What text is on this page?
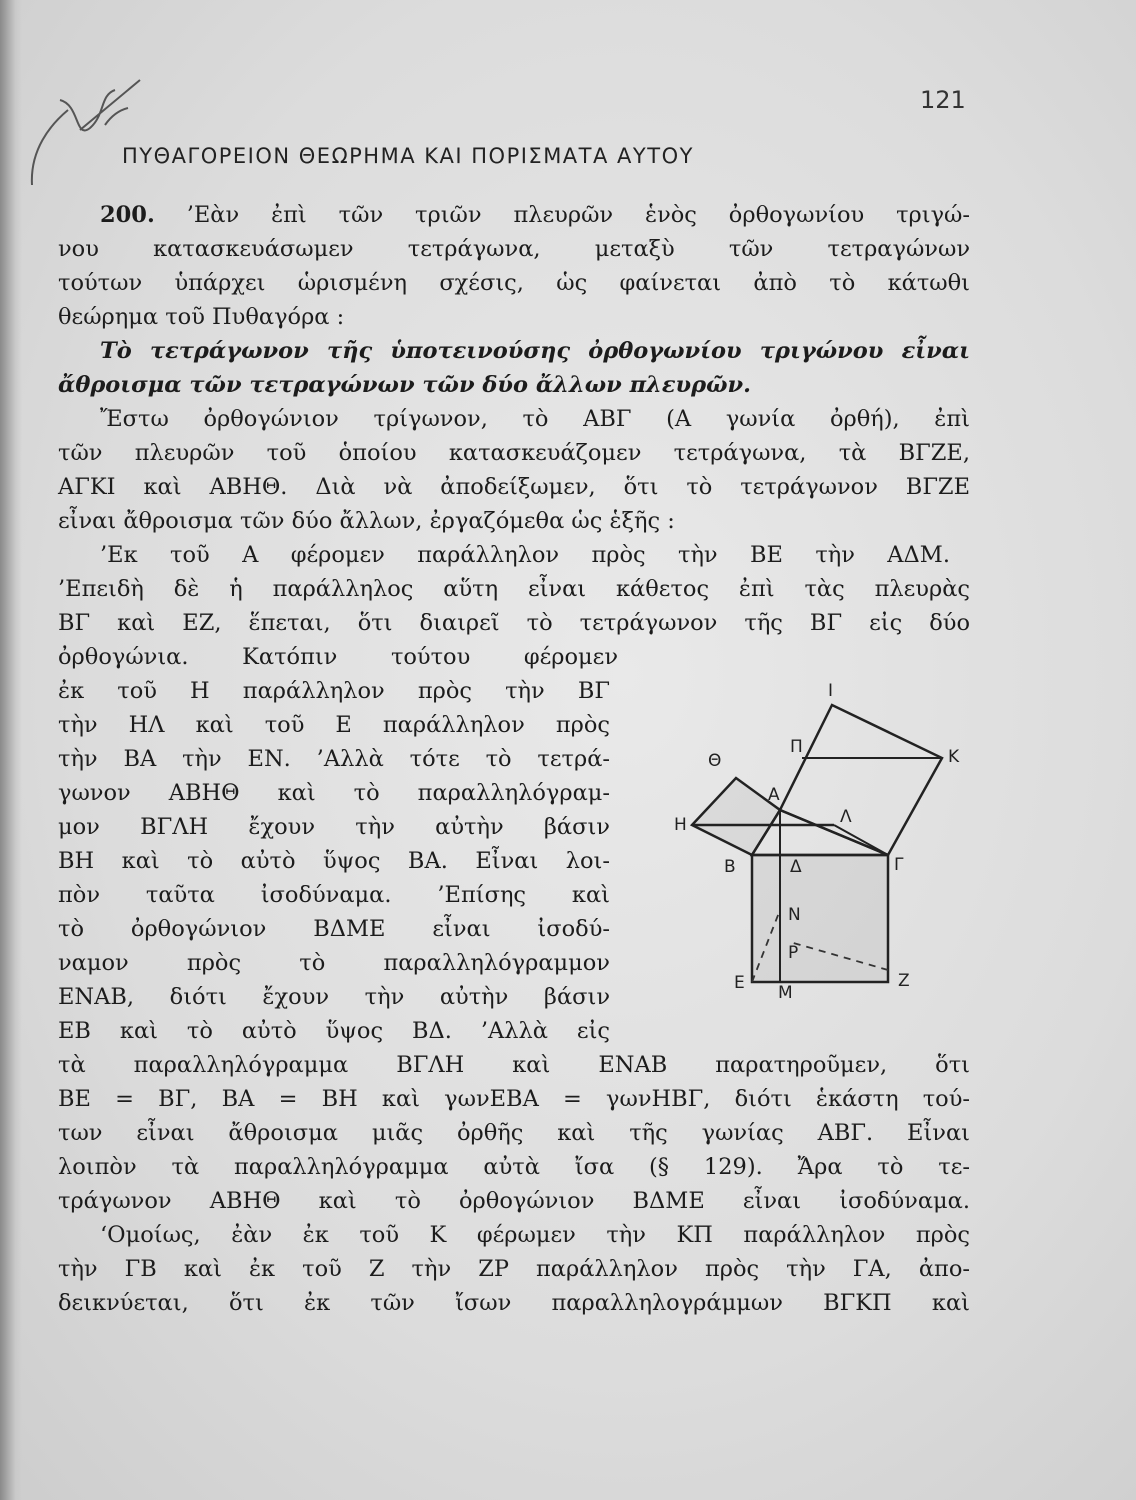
121
ΠΥΘΑΓΟΡΕΙΟΝ ΘΕΩΡΗΜΑ ΚΑΙ ΠΟΡΙΣΜΑΤΑ ΑΥΤΟΥ
200. ’Εὰν ἐπὶ τῶν τριῶν πλευρῶν ἑνὸς ὀρθογωνίου τριγώ-
νου κατασκευάσωμεν τετράγωνα, μεταξὺ τῶν τετραγώνων
τούτων ὑπάρχει ὡρισμένη σχέσις, ὡς φαίνεται ἀπὸ τὸ κάτωθι
θεώρημα τοῦ Πυθαγόρα :
Τὸ τετράγωνον τῆς ὑποτεινούσης ὀρθογωνίου τριγώνου εἶναι
ἄθροισμα τῶν τετραγώνων τῶν δύο ἄλλων πλευρῶν.
Ἔστω ὀρθογώνιον τρίγωνον, τὸ ΑΒΓ (Α γωνία ὀρθή), ἐπὶ
τῶν πλευρῶν τοῦ ὁποίου κατασκευάζομεν τετράγωνα, τὰ ΒΓΖΕ,
ΑΓΚΙ καὶ ΑΒΗΘ. Διὰ νὰ ἀποδείξωμεν, ὅτι τὸ τετράγωνον ΒΓΖΕ
εἶναι ἄθροισμα τῶν δύο ἄλλων, ἐργαζόμεθα ὡς ἑξῆς :
’Εκ τοῦ Α φέρομεν παράλληλον πρὸς τὴν ΒΕ τὴν ΑΔΜ.
’Επειδὴ δὲ ἡ παράλληλος αὕτη εἶναι κάθετος ἐπὶ τὰς πλευρὰς
ΒΓ καὶ ΕΖ, ἕπεται, ὅτι διαιρεῖ τὸ τετράγωνον τῆς ΒΓ εἰς δύο
ὀρθογώνια. Κατόπιν τούτου φέρομεν
ἐκ τοῦ Η παράλληλον πρὸς τὴν ΒΓ
τὴν ΗΛ καὶ τοῦ Ε παράλληλον πρὸς
τὴν ΒΑ τὴν ΕΝ. ’Αλλὰ τότε τὸ τετρά-
γωνον ΑΒΗΘ καὶ τὸ παραλληλόγραμ-
μον ΒΓΛΗ ἔχουν τὴν αὐτὴν βάσιν
ΒΗ καὶ τὸ αὐτὸ ὕψος ΒΑ. Εἶναι λοι-
πὸν ταῦτα ἰσοδύναμα. ’Επίσης καὶ
τὸ ὀρθογώνιον ΒΔΜΕ εἶναι ἰσοδύ-
ναμον πρὸς τὸ παραλληλόγραμμον
ΕΝΑΒ, διότι ἔχουν τὴν αὐτὴν βάσιν
ΕΒ καὶ τὸ αὐτὸ ὕψος ΒΔ. ’Αλλὰ εἰς
τὰ παραλληλόγραμμα ΒΓΛΗ καὶ ΕΝΑΒ παρατηροῦμεν, ὅτι
ΒΕ = ΒΓ, ΒΑ = ΒΗ καὶ γωνΕΒΑ = γωνΗΒΓ, διότι ἑκάστη τού-
των εἶναι ἄθροισμα μιᾶς ὀρθῆς καὶ τῆς γωνίας ΑΒΓ. Εἶναι
λοιπὸν τὰ παραλληλόγραμμα αὐτὰ ἴσα (§ 129). Ἄρα τὸ τε-
τράγωνον ΑΒΗΘ καὶ τὸ ὀρθογώνιον ΒΔΜΕ εἶναι ἰσοδύναμα.
‘Ομοίως, ἐὰν ἐκ τοῦ Κ φέρωμεν τὴν ΚΠ παράλληλον πρὸς
τὴν ΓΒ καὶ ἐκ τοῦ Ζ τὴν ΖΡ παράλληλον πρὸς τὴν ΓΑ, ἀπο-
δεικνύεται, ὅτι ἐκ τῶν ἴσων παραλληλογράμμων ΒΓΚΠ καὶ
Ι
Θ
Π	Κ
Α
Η	Λ
Β	Δ	Γ
Ν
Ρ
Ε Μ
Ζ
